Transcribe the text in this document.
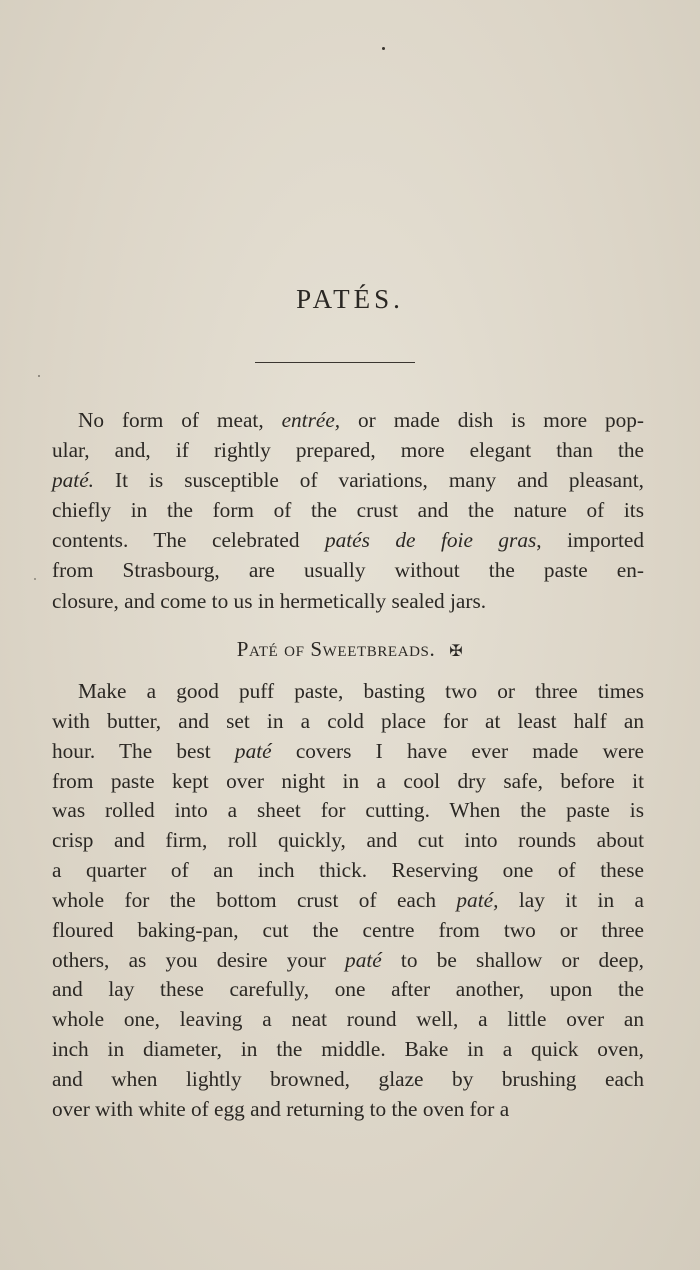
PATÉS.
No form of meat, entrée, or made dish is more pop-
ular, and, if rightly prepared, more elegant than the
paté. It is susceptible of variations, many and pleasant,
chiefly in the form of the crust and the nature of its
contents. The celebrated patés de foie gras, imported
from Strasbourg, are usually without the paste en-
closure, and come to us in hermetically sealed jars.
Paté of Sweetbreads. ✠
Make a good puff paste, basting two or three times
with butter, and set in a cold place for at least half an
hour. The best paté covers I have ever made were
from paste kept over night in a cool dry safe, before it
was rolled into a sheet for cutting. When the paste is
crisp and firm, roll quickly, and cut into rounds about
a quarter of an inch thick. Reserving one of these
whole for the bottom crust of each paté, lay it in a
floured baking-pan, cut the centre from two or three
others, as you desire your paté to be shallow or deep,
and lay these carefully, one after another, upon the
whole one, leaving a neat round well, a little over an
inch in diameter, in the middle. Bake in a quick oven,
and when lightly browned, glaze by brushing each
over with white of egg and returning to the oven for a
